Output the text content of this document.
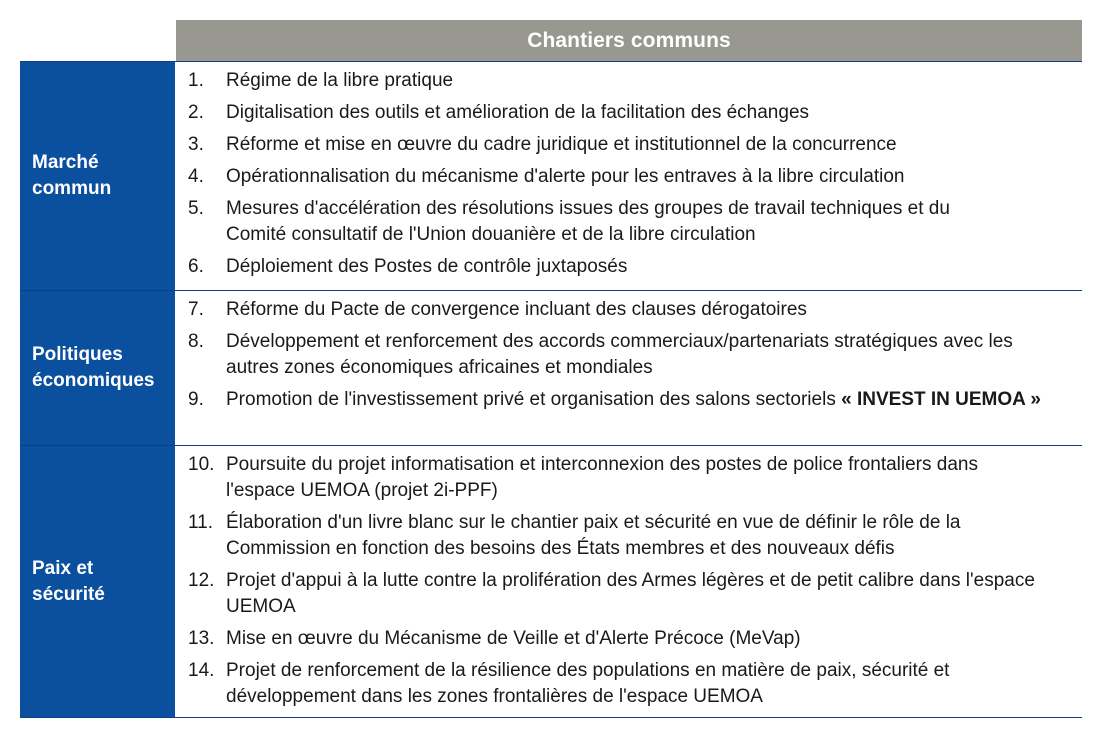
Chantiers communs
Marché commun
1.	Régime de la libre pratique
2.	Digitalisation des outils et amélioration de la facilitation des échanges
3.	Réforme et mise en œuvre du cadre juridique et institutionnel de la concurrence
4.	Opérationnalisation du mécanisme d'alerte pour les entraves à la libre circulation
5.	Mesures d'accélération des résolutions issues des groupes de travail techniques et du Comité consultatif de l'Union douanière et de la libre circulation
6.	Déploiement des Postes de contrôle juxtaposés
Politiques économiques
7.	Réforme du Pacte de convergence incluant des clauses dérogatoires
8.	Développement et renforcement des accords commerciaux/partenariats stratégiques avec les autres zones économiques africaines et mondiales
9.	Promotion de l'investissement privé et organisation des salons sectoriels « INVEST IN UEMOA »
Paix et sécurité
10. Poursuite du projet informatisation et interconnexion des postes de police frontaliers dans l'espace UEMOA (projet 2i-PPF)
11. Élaboration d'un livre blanc sur le chantier paix et sécurité en vue de définir le rôle de la Commission en fonction des besoins des États membres et des nouveaux défis
12. Projet d'appui à la lutte contre la prolifération des Armes légères et de petit calibre dans l'espace UEMOA
13. Mise en œuvre du Mécanisme de Veille et d'Alerte Précoce (MeVap)
14. Projet de renforcement de la résilience des populations en matière de paix, sécurité et développement dans les zones frontalières de l'espace UEMOA
